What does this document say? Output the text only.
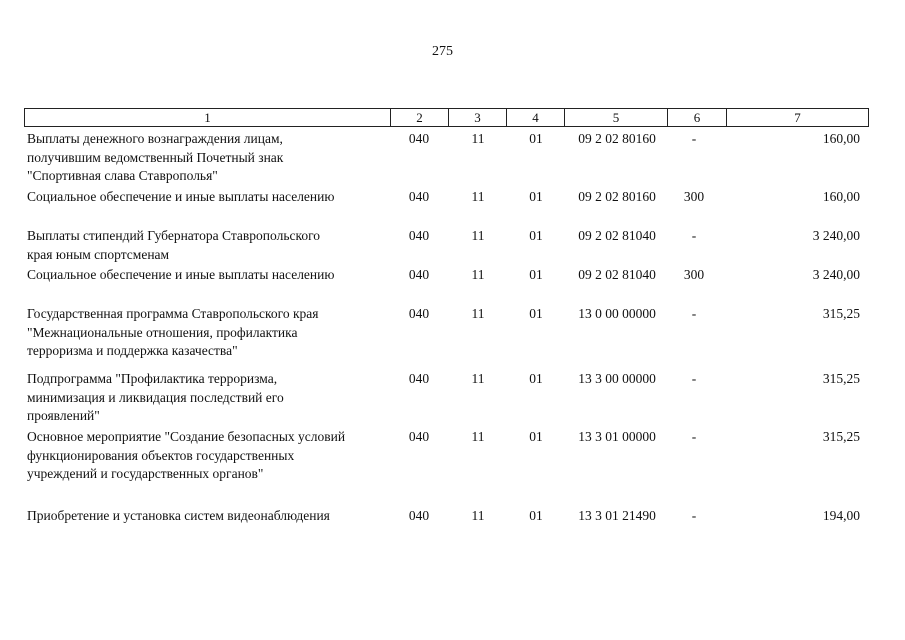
275
1	2	3	4	5	6	7
Выплаты денежного вознаграждения лицам,
получившим ведомственный Почетный знак
"Спортивная слава Ставрополья"
040	11	01	09 2 02 80160	-	160,00
Социальное обеспечение и иные выплаты населению	040	11	01	09 2 02 80160	300	160,00
Выплаты стипендий Губернатора Ставропольского
края юным спортсменам
040	11	01	09 2 02 81040	-	3 240,00
Социальное обеспечение и иные выплаты населению	040	11	01	09 2 02 81040	300	3 240,00
Государственная программа Ставропольского края
"Межнациональные отношения, профилактика
терроризма и поддержка казачества"
040	11	01	13 0 00 00000	-	315,25
Подпрограмма "Профилактика терроризма,
минимизация и ликвидация последствий его
проявлений"
040	11	01	13 3 00 00000	-	315,25
Основное мероприятие "Создание безопасных условий
функционирования объектов государственных
учреждений и государственных органов"
040	11	01	13 3 01 00000	-	315,25
Приобретение и установка систем видеонаблюдения	040	11	01	13 3 01 21490	-	194,00
